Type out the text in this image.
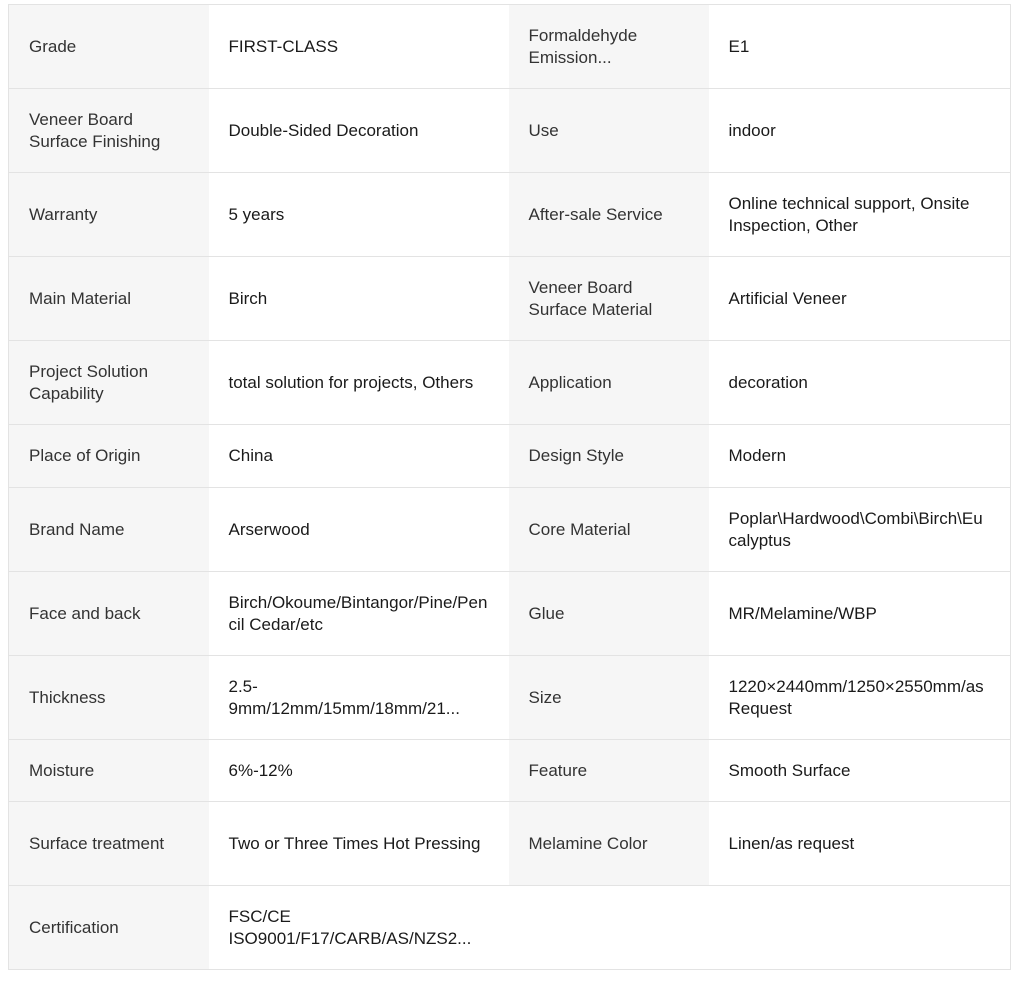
Grade	FIRST-CLASS	Formaldehyde Emission...	E1
Veneer Board Surface Finishing	Double-Sided Decoration	Use	indoor
Warranty	5 years	After-sale Service	Online technical support, Onsite Inspection, Other
Main Material	Birch	Veneer Board Surface Material	Artificial Veneer
Project Solution Capability	total solution for projects, Others	Application	decoration
Place of Origin	China	Design Style	Modern
Brand Name	Arserwood	Core Material	Poplar\Hardwood\Combi\Birch\Eucalyptus
Face and back	Birch/Okoume/Bintangor/Pine/Pencil Cedar/etc	Glue	MR/Melamine/WBP
Thickness	2.5-9mm/12mm/15mm/18mm/21...	Size	1220×2440mm/1250×2550mm/as Request
Moisture	6%-12%	Feature	Smooth Surface
Surface treatment	Two or Three Times Hot Pressing	Melamine Color	Linen/as request
Certification	FSC/CE ISO9001/F17/CARB/AS/NZS2...		
